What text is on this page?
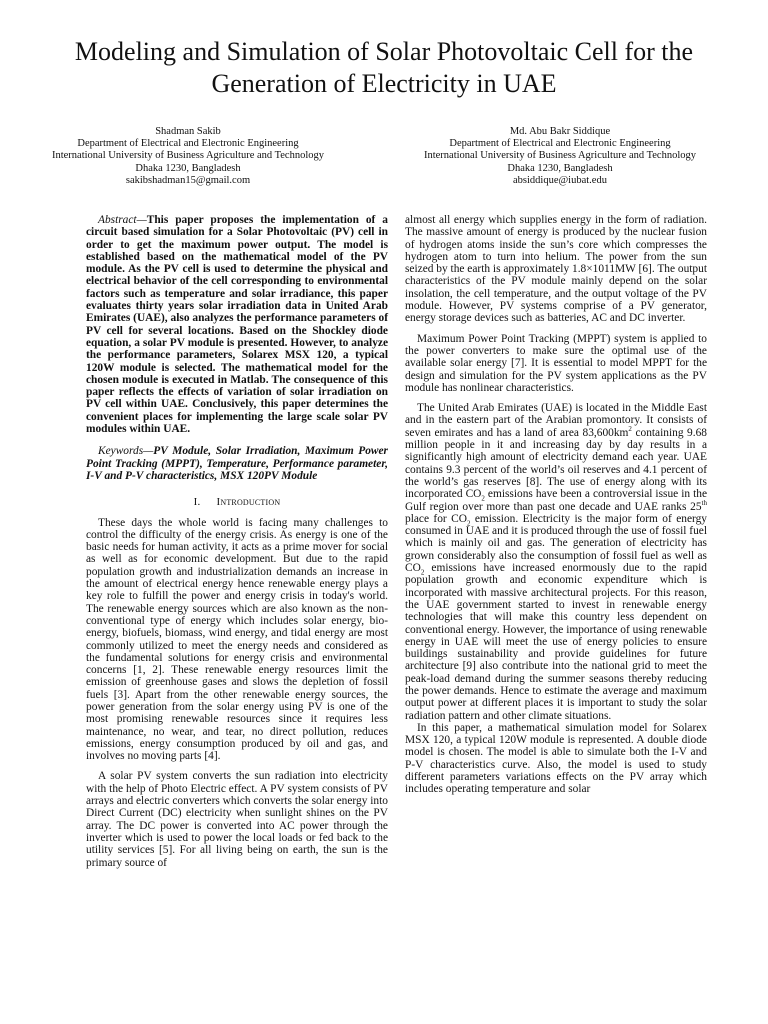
Modeling and Simulation of Solar Photovoltaic Cell for the Generation of Electricity in UAE
Shadman Sakib
Department of Electrical and Electronic Engineering
International University of Business Agriculture and Technology
Dhaka 1230, Bangladesh
sakibshadman15@gmail.com
Md. Abu Bakr Siddique
Department of Electrical and Electronic Engineering
International University of Business Agriculture and Technology
Dhaka 1230, Bangladesh
absiddique@iubat.edu

Abstract—This paper proposes the implementation of a circuit based simulation for a Solar Photovoltaic (PV) cell in order to get the maximum power output. The model is established based on the mathematical model of the PV module. As the PV cell is used to determine the physical and electrical behavior of the cell corresponding to environmental factors such as temperature and solar irradiance, this paper evaluates thirty years solar irradiation data in United Arab Emirates (UAE), also analyzes the performance parameters of PV cell for several locations. Based on the Shockley diode equation, a solar PV module is presented. However, to analyze the performance parameters, Solarex MSX 120, a typical 120W module is selected. The mathematical model for the chosen module is executed in Matlab. The consequence of this paper reflects the effects of variation of solar irradiation on PV cell within UAE. Conclusively, this paper determines the convenient places for implementing the large scale solar PV modules within UAE.

Keywords—PV Module, Solar Irradiation, Maximum Power Point Tracking (MPPT), Temperature, Performance parameter, I-V and P-V characteristics, MSX 120PV Module

I. Introduction

These days the whole world is facing many challenges to control the difficulty of the energy crisis. As energy is one of the basic needs for human activity, it acts as a prime mover for social as well as for economic development. But due to the rapid population growth and industrialization demands an increase in the amount of electrical energy hence renewable energy plays a key role to fulfill the power and energy crisis in today's world. The renewable energy sources which are also known as the non-conventional type of energy which includes solar energy, bio-energy, biofuels, biomass, wind energy, and tidal energy are most commonly utilized to meet the energy needs and considered as the fundamental solutions for energy crisis and environmental concerns [1, 2]. These renewable energy resources limit the emission of greenhouse gases and slows the depletion of fossil fuels [3]. Apart from the other renewable energy sources, the power generation from the solar energy using PV is one of the most promising renewable resources since it requires less maintenance, no wear, and tear, no direct pollution, reduces emissions, energy consumption produced by oil and gas, and involves no moving parts [4].

A solar PV system converts the sun radiation into electricity with the help of Photo Electric effect. A PV system consists of PV arrays and electric converters which converts the solar energy into Direct Current (DC) electricity when sunlight shines on the PV array. The DC power is converted into AC power through the inverter which is used to power the local loads or fed back to the utility services [5]. For all living being on earth, the sun is the primary source of

almost all energy which supplies energy in the form of radiation. The massive amount of energy is produced by the nuclear fusion of hydrogen atoms inside the sun’s core which compresses the hydrogen atom to turn into helium. The power from the sun seized by the earth is approximately 1.8×1011MW [6]. The output characteristics of the PV module mainly depend on the solar insolation, the cell temperature, and the output voltage of the PV module. However, PV systems comprise of a PV generator, energy storage devices such as batteries, AC and DC inverter.

Maximum Power Point Tracking (MPPT) system is applied to the power converters to make sure the optimal use of the available solar energy [7]. It is essential to model MPPT for the design and simulation for the PV system applications as the PV module has nonlinear characteristics.

The United Arab Emirates (UAE) is located in the Middle East and in the eastern part of the Arabian promontory. It consists of seven emirates and has a land of area $83,600km^2$ containing 9.68 million people in it and increasing day by day results in a significantly high amount of electricity demand each year. UAE contains 9.3 percent of the world’s oil reserves and 4.1 percent of the world’s gas reserves [8]. The use of energy along with its incorporated $CO_2$ emissions have been a controversial issue in the Gulf region over more than past one decade and UAE ranks 25th place for $CO_2$ emission. Electricity is the major form of energy consumed in UAE and it is produced through the use of fossil fuel which is mainly oil and gas. The generation of electricity has grown considerably also the consumption of fossil fuel as well as $CO_2$ emissions have increased enormously due to the rapid population growth and economic expenditure which is incorporated with massive architectural projects. For this reason, the UAE government started to invest in renewable energy technologies that will make this country less dependent on conventional energy. However, the importance of using renewable energy in UAE will meet the use of energy policies to ensure buildings sustainability and provide guidelines for future architecture [9] also contribute into the national grid to meet the peak-load demand during the summer seasons thereby reducing the power demands. Hence to estimate the average and maximum output power at different places it is important to study the solar radiation pattern and other climate situations.

In this paper, a mathematical simulation model for Solarex MSX 120, a typical 120W module is represented. A double diode model is chosen. The model is able to simulate both the I-V and P-V characteristics curve. Also, the model is used to study different parameters variations effects on the PV array which includes operating temperature and solar
